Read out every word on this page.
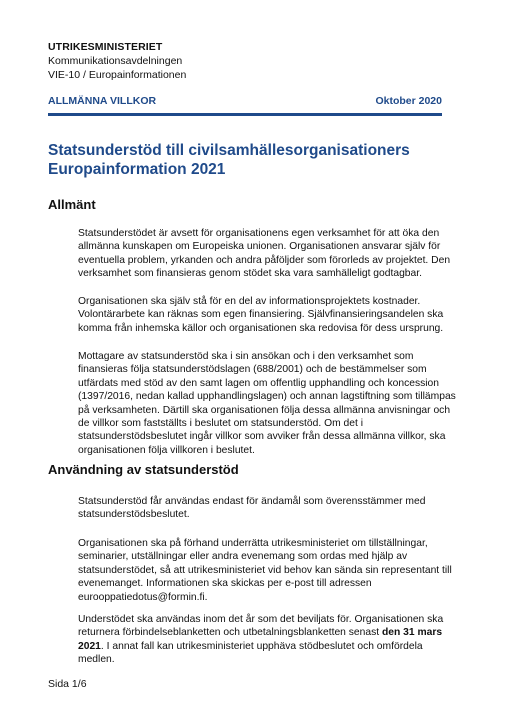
UTRIKESMINISTERIET
Kommunikationsavdelningen
VIE-10 / Europainformationen
ALLMÄNNA VILLKOR	Oktober 2020
Statsunderstöd till civilsamhällesorganisationers
Europainformation 2021
Allmänt

Statsunderstödet är avsett för organisationens egen verksamhet för att öka den allmänna kunskapen om Europeiska unionen. Organisationen ansvarar själv för eventuella problem, yrkanden och andra påföljder som förorleds av projektet. Den verksamhet som finansieras genom stödet ska vara samhälleligt godtagbar.

Organisationen ska själv stå för en del av informationsprojektets kostnader. Volontärarbete kan räknas som egen finansiering. Självfinansieringsandelen ska komma från inhemska källor och organisationen ska redovisa för dess ursprung.

Mottagare av statsunderstöd ska i sin ansökan och i den verksamhet som finansieras följa statsunderstödslagen (688/2001) och de bestämmelser som utfärdats med stöd av den samt lagen om offentlig upphandling och koncession (1397/2016, nedan kallad upphandlingslagen) och annan lagstiftning som tillämpas på verksamheten. Därtill ska organisationen följa dessa allmänna anvisningar och de villkor som fastställts i beslutet om statsunderstöd. Om det i statsunderstödsbeslutet ingår villkor som avviker från dessa allmänna villkor, ska organisationen följa villkoren i beslutet.

Användning av statsunderstöd

Statsunderstöd får användas endast för ändamål som överensstämmer med statsunderstödsbeslutet.

Organisationen ska på förhand underrätta utrikesministeriet om tillställningar, seminarier, utställningar eller andra evenemang som ordas med hjälp av statsunderstödet, så att utrikesministeriet vid behov kan sända sin representant till evenemanget. Informationen ska skickas per e-post till adressen eurooppatiedotus@formin.fi.

Understödet ska användas inom det år som det beviljats för. Organisationen ska returnera förbindelseblanketten och utbetalningsblanketten senast den 31 mars 2021. I annat fall kan utrikesministeriet upphäva stödbeslutet och omfördela medlen.

Sida 1/6
